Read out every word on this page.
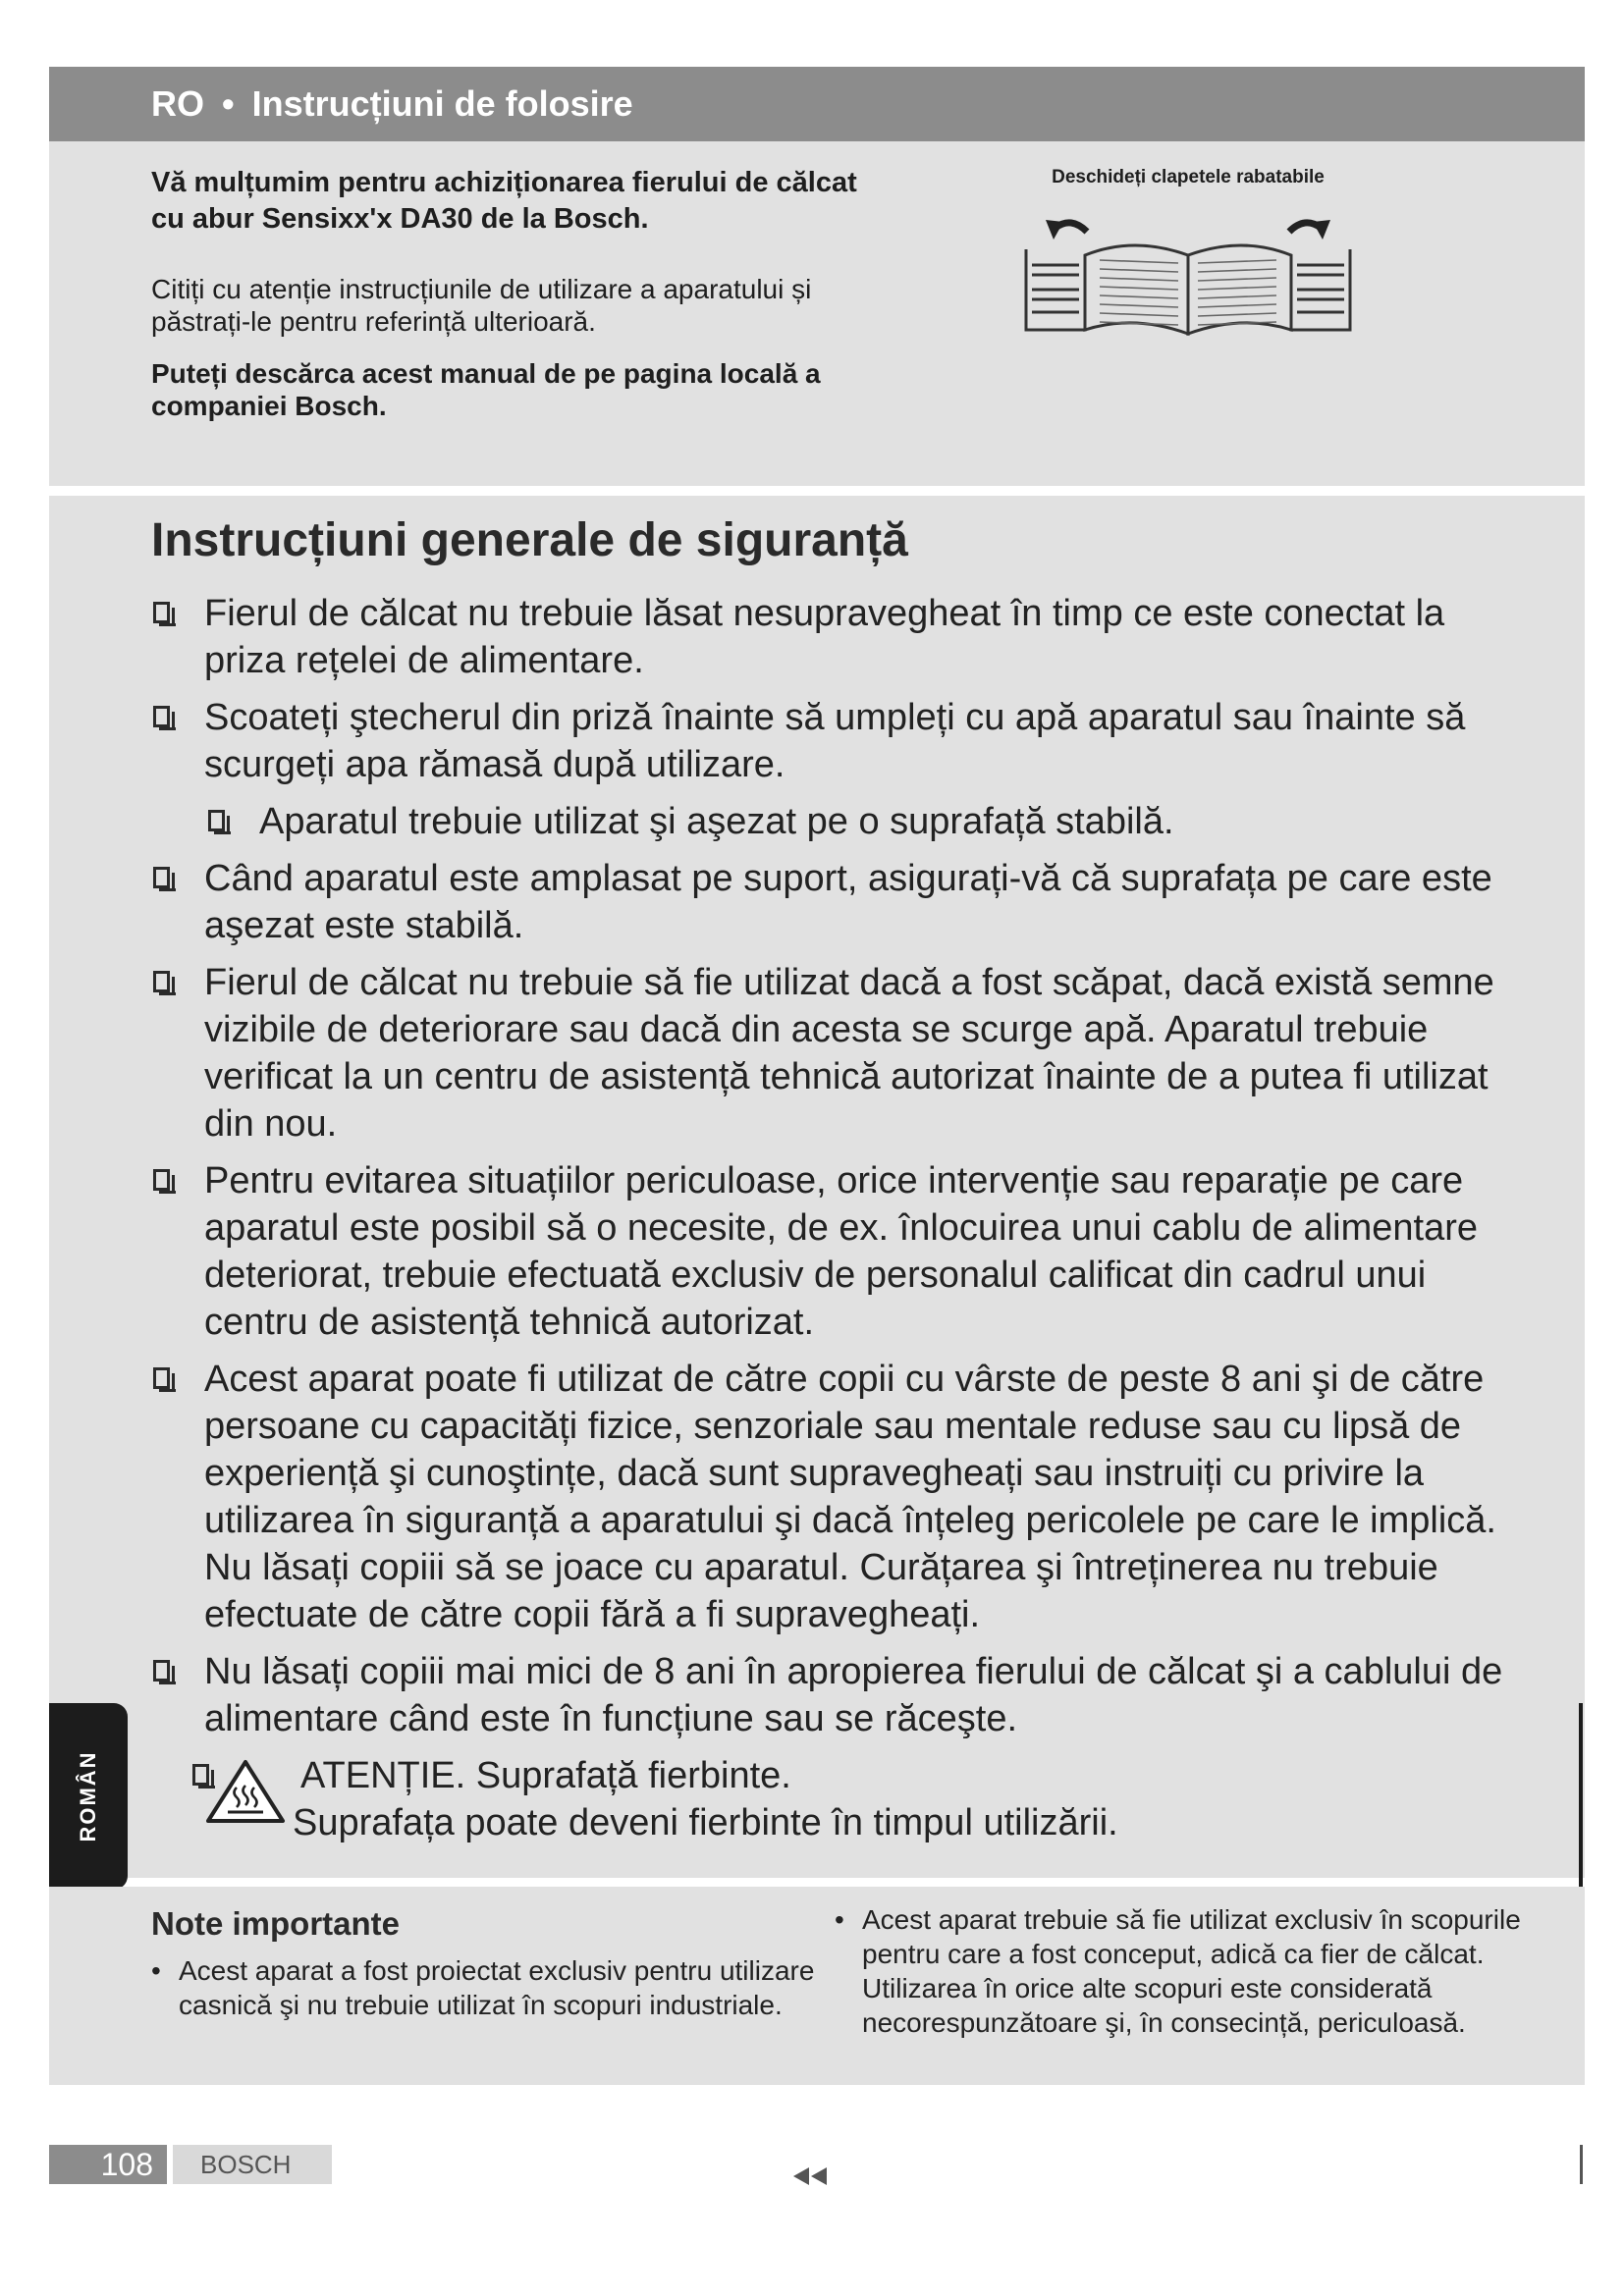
RO • Instrucțiuni de folosire

Vă mulțumim pentru achiziționarea fierului de călcat cu abur Sensixx'x DA30 de la Bosch.

Citiți cu atenție instrucțiunile de utilizare a aparatului și păstrați-le pentru referință ulterioară.

Puteți descărca acest manual de pe pagina locală a companiei Bosch.

Deschideți clapetele rabatabile
Instrucțiuni generale de siguranță
Fierul de călcat nu trebuie lăsat nesupravegheat în timp ce este conectat la priza rețelei de alimentare.
Scoateți ştecherul din priză înainte să umpleți cu apă aparatul sau înainte să scurgeți apa rămasă după utilizare.
Aparatul trebuie utilizat şi aşezat pe o suprafață stabilă.
Când aparatul este amplasat pe suport, asigurați-vă că suprafața pe care este aşezat este stabilă.
Fierul de călcat nu trebuie să fie utilizat dacă a fost scăpat, dacă există semne vizibile de deteriorare sau dacă din acesta se scurge apă. Aparatul trebuie verificat la un centru de asistență tehnică autorizat înainte de a putea fi utilizat din nou.
Pentru evitarea situațiilor periculoase, orice intervenție sau reparație pe care aparatul este posibil să o necesite, de ex. înlocuirea unui cablu de alimentare deteriorat, trebuie efectuată exclusiv de personalul calificat din cadrul unui centru de asistență tehnică autorizat.
Acest aparat poate fi utilizat de către copii cu vârste de peste 8 ani şi de către persoane cu capacități fizice, senzoriale sau mentale reduse sau cu lipsă de experiență şi cunoştințe, dacă sunt supravegheați sau instruiți cu privire la utilizarea în siguranță a aparatului şi dacă înțeleg pericolele pe care le implică. Nu lăsați copiii să se joace cu aparatul. Curățarea şi întreținerea nu trebuie efectuate de către copii fără a fi supravegheați.
Nu lăsați copiii mai mici de 8 ani în apropierea fierului de călcat şi a cablului de alimentare când este în funcțiune sau se răceşte.
ATENȚIE. Suprafață fierbinte.
Suprafața poate deveni fierbinte în timpul utilizării.
ROMÂN
Note importante

• Acest aparat a fost proiectat exclusiv pentru utilizare casnică şi nu trebuie utilizat în scopuri industriale.

• Acest aparat trebuie să fie utilizat exclusiv în scopurile pentru care a fost conceput, adică ca fier de călcat. Utilizarea în orice alte scopuri este considerată necorespunzătoare şi, în consecință, periculoasă.

108	BOSCH
